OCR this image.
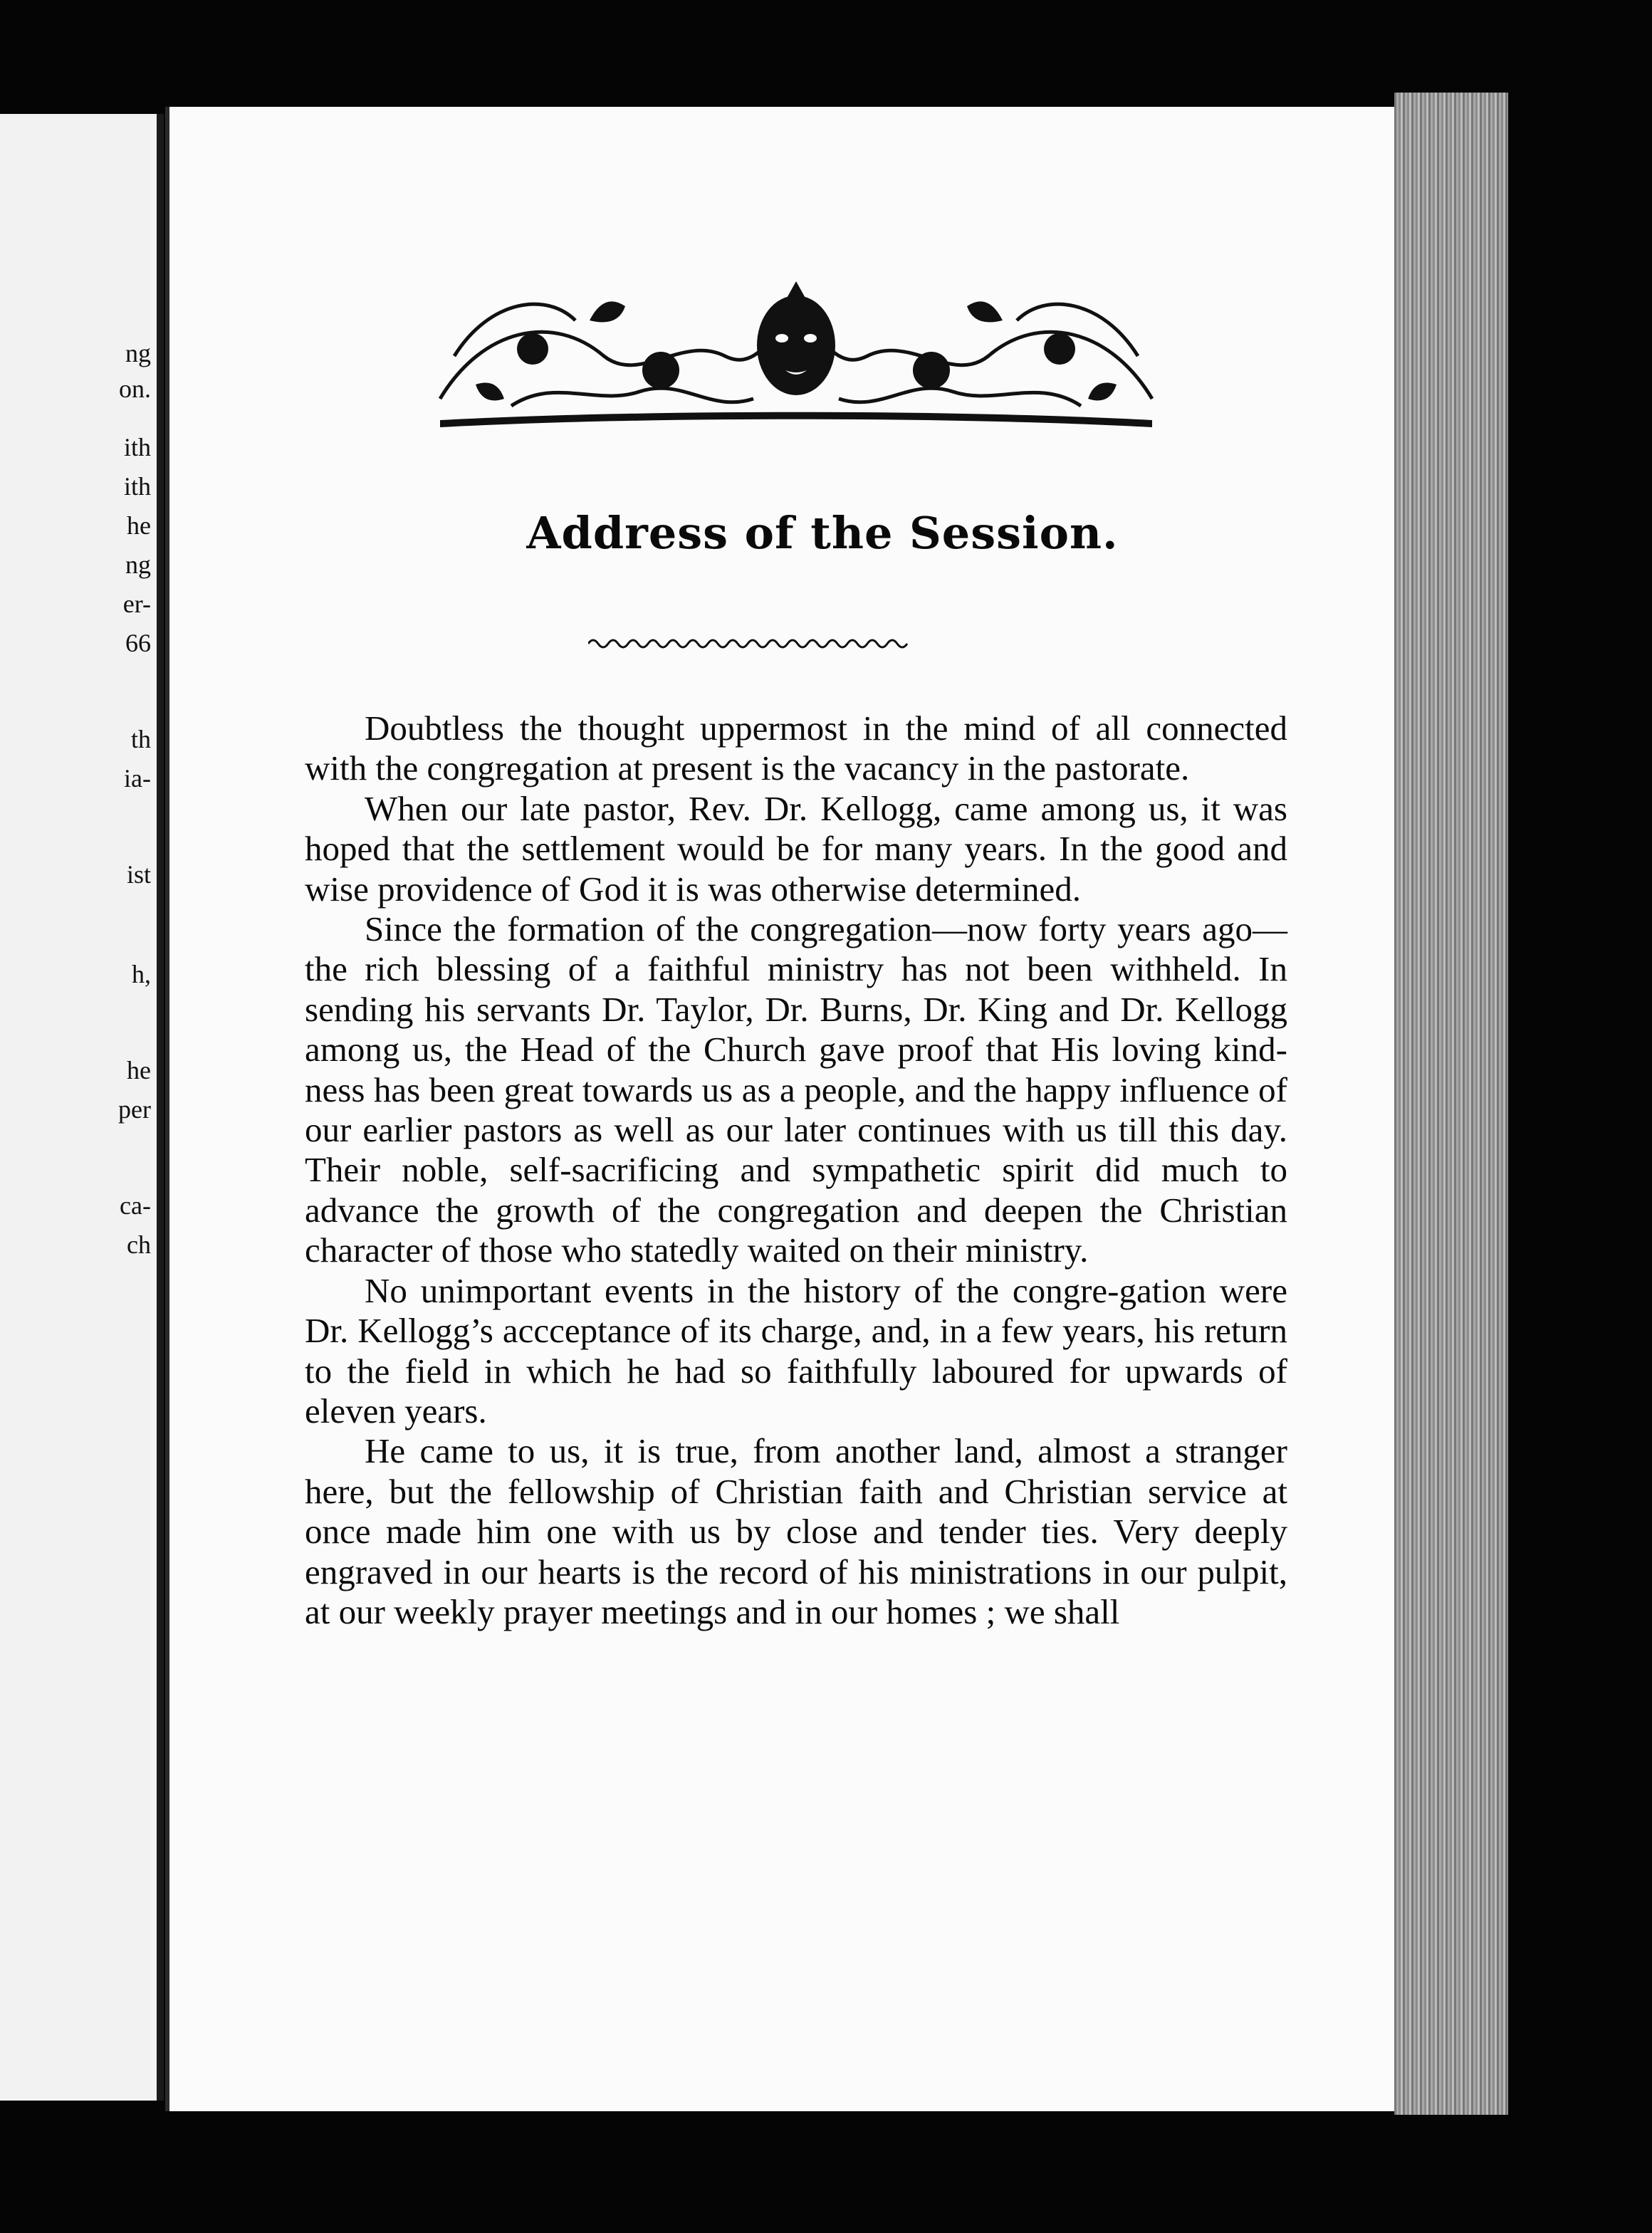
ng
on.
ith
ith
he
ng
er-
66
th
ia-
ist
h,
he
per
ca-
ch
Address of the Session.

Doubtless the thought uppermost in the mind of all connected with the congregation at present is the vacancy in the pastorate.

When our late pastor, Rev. Dr. Kellogg, came among us, it was hoped that the settlement would be for many years. In the good and wise providence of God it is was otherwise determined.

Since the formation of the congregation—now forty years ago—the rich blessing of a faithful ministry has not been withheld. In sending his servants Dr. Taylor, Dr. Burns, Dr. King and Dr. Kellogg among us, the Head of the Church gave proof that His loving kind-ness has been great towards us as a people, and the happy influence of our earlier pastors as well as our later continues with us till this day. Their noble, self-sacrificing and sympathetic spirit did much to advance the growth of the congregation and deepen the Christian character of those who statedly waited on their ministry.

No unimportant events in the history of the congre-gation were Dr. Kellogg’s accceptance of its charge, and, in a few years, his return to the field in which he had so faithfully laboured for upwards of eleven years.

He came to us, it is true, from another land, almost a stranger here, but the fellowship of Christian faith and Christian service at once made him one with us by close and tender ties. Very deeply engraved in our hearts is the record of his ministrations in our pulpit, at our weekly prayer meetings and in our homes ; we shall
